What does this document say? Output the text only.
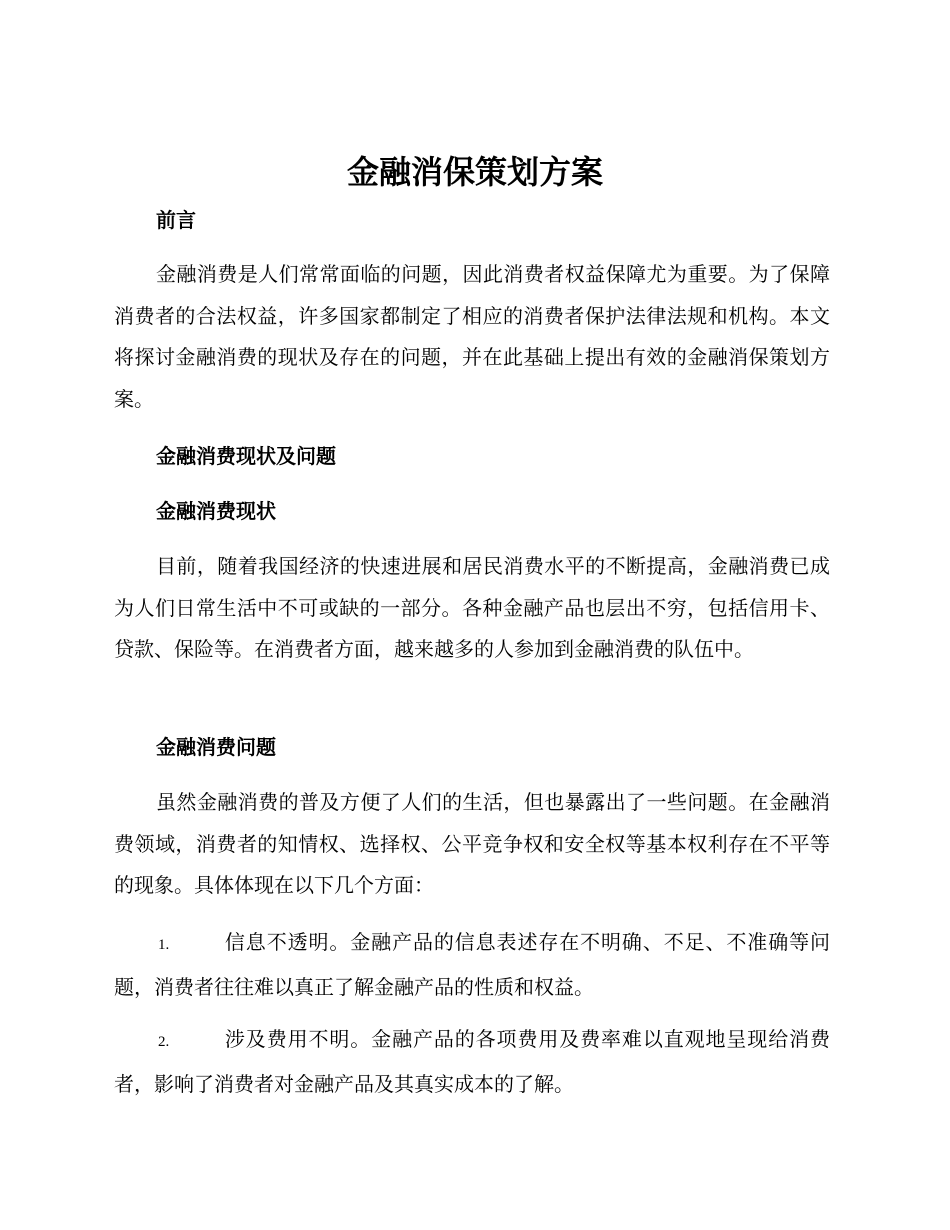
金融消保策划方案
前言

金融消费是人们常常面临的问题，因此消费者权益保障尤为重要。为了保障消费者的合法权益，许多国家都制定了相应的消费者保护法律法规和机构。本文将探讨金融消费的现状及存在的问题，并在此基础上提出有效的金融消保策划方案。

金融消费现状及问题
金融消费现状

目前，随着我国经济的快速进展和居民消费水平的不断提高，金融消费已成为人们日常生活中不可或缺的一部分。各种金融产品也层出不穷，包括信用卡、贷款、保险等。在消费者方面，越来越多的人参加到金融消费的队伍中。

金融消费问题

虽然金融消费的普及方便了人们的生活，但也暴露出了一些问题。在金融消费领域，消费者的知情权、选择权、公平竞争权和安全权等基本权利存在不平等的现象。具体体现在以下几个方面：

1.	信息不透明。金融产品的信息表述存在不明确、不足、不准确等问题，消费者往往难以真正了解金融产品的性质和权益。

2.	涉及费用不明。金融产品的各项费用及费率难以直观地呈现给消费者，影响了消费者对金融产品及其真实成本的了解。
